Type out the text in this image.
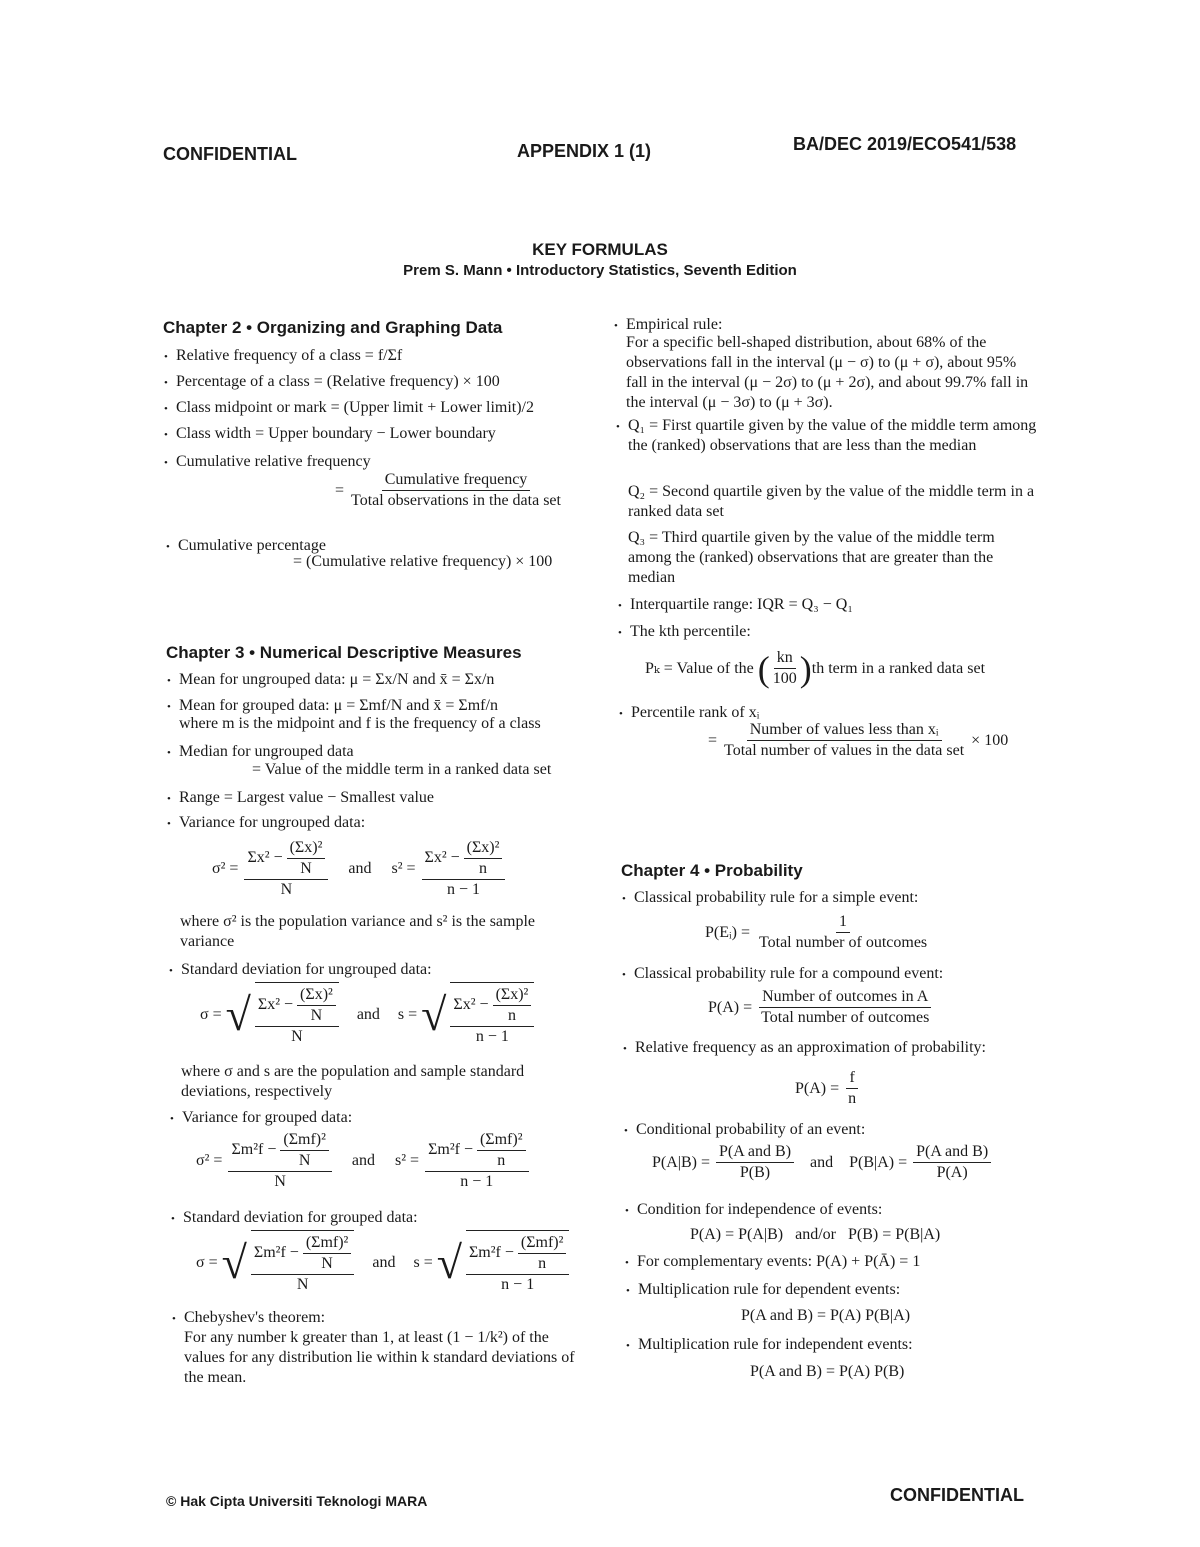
CONFIDENTIAL	APPENDIX 1 (1)	BA/DEC 2019/ECO541/538
KEY FORMULAS
Prem S. Mann • Introductory Statistics, Seventh Edition
Chapter 2 • Organizing and Graphing Data
• Relative frequency of a class = f/Σf
• Percentage of a class = (Relative frequency) × 100
• Class midpoint or mark = (Upper limit + Lower limit)/2
• Class width = Upper boundary − Lower boundary
• Cumulative relative frequency
=
Cumulative frequency
Total observations in the data set
• Cumulative percentage
= (Cumulative relative frequency) × 100
Chapter 3 • Numerical Descriptive Measures
• Mean for ungrouped data: μ = Σx/N and x̄ = Σx/n
• Mean for grouped data: μ = Σmf/N and x̄ = Σmf/n
where m is the midpoint and f is the frequency of a class
• Median for ungrouped data
= Value of the middle term in a ranked data set
• Range = Largest value − Smallest value
• Variance for ungrouped data:
$\sigma^2 = \frac{\Sigma x^2 - \frac{\text{(Σx)²}}{N}}{N}$ and $s^2 = \frac{\Sigma x^2 - \frac{\text{(Σx)²}}{n}}{n - 1}$
where σ² is the population variance and s² is the sample variance
• Standard deviation for ungrouped data:
σ = √ $\Sigma x^2 - \frac{\text{(Σx)²}}{N}$
N
and s = √ $\Sigma x^2 - \frac{\text{(Σx)²}}{n}$
n − 1
where σ and s are the population and sample standard deviations, respectively
• Variance for grouped data:
σ² =
Σm²f −
(Σmf)²
N
N
and s² =
Σm²f −
(Σmf)²
n
n − 1
• Standard deviation for grouped data:
σ = √ Σm²f −
(Σmf)²
N
N
and s = √ Σm²f −
(Σmf)²
n
n − 1
• Chebyshev's theorem:
For any number k greater than 1, at least (1 − 1/k²) of the values for any distribution lie within k standard deviations of the mean.
• Empirical rule:
For a specific bell-shaped distribution, about 68% of the observations fall in the interval (μ − σ) to (μ + σ), about 95% fall in the interval (μ − 2σ) to (μ + 2σ), and about 99.7% fall in the interval (μ − 3σ) to (μ + 3σ).
• Q₁ = First quartile given by the value of the middle term among the (ranked) observations that are less than the median
Q₂ = Second quartile given by the value of the middle term in a ranked data set
Q₃ = Third quartile given by the value of the middle term among the (ranked) observations that are greater than the median
• Interquartile range: IQR = Q₃ − Q₁
• The kth percentile:
Pₖ = Value of the ( $\frac{kn}{100}$ ) th term in a ranked data set
• Percentile rank of xᵢ
=
Number of values less than xᵢ
Total number of values in the data set
× 100
Chapter 4 • Probability
• Classical probability rule for a simple event:
P(Eᵢ) =
1
Total number of outcomes
• Classical probability rule for a compound event:
P(A) =
Number of outcomes in A
Total number of outcomes
• Relative frequency as an approximation of probability:
$P(A) = \frac{f}{n}$
• Conditional probability of an event:
P(A|B) =
P(A and B)
P(B)
and P(B|A) =
P(A and B)
P(A)
• Condition for independence of events:
P(A) = P(A|B)   and/or   P(B) = P(B|A)
• For complementary events: P(A) + P(Ā) = 1
• Multiplication rule for dependent events:
P(A and B) = P(A) P(B|A)
• Multiplication rule for independent events:
P(A and B) = P(A) P(B)
© Hak Cipta Universiti Teknologi MARA	CONFIDENTIAL
